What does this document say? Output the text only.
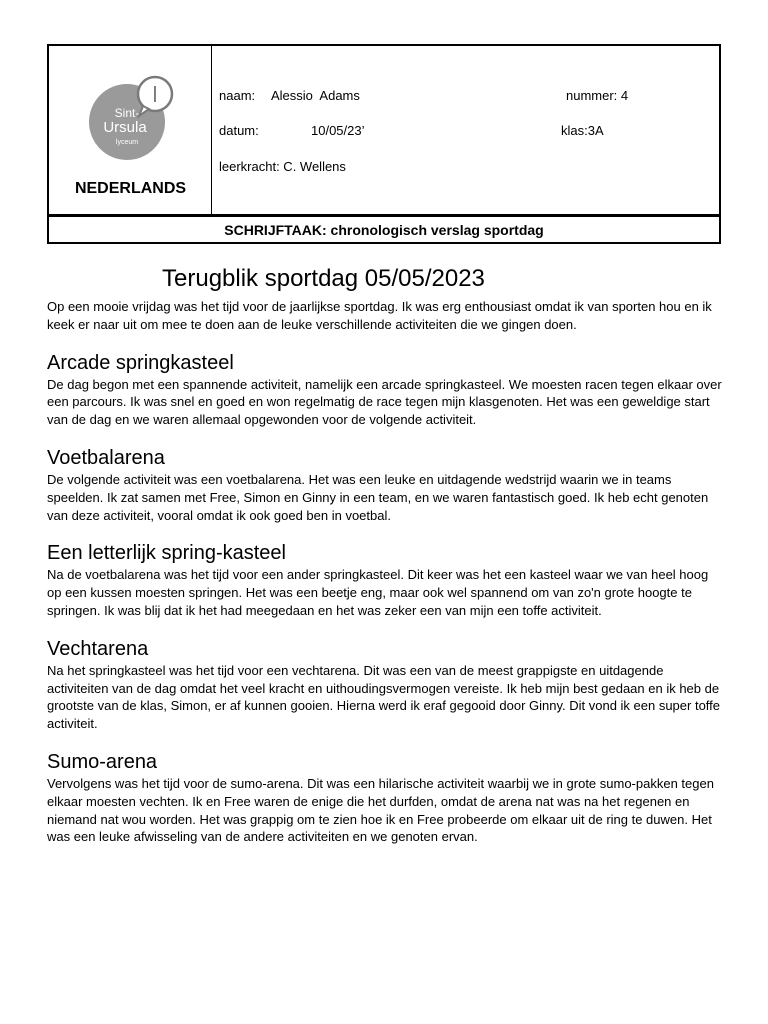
Sint-
Ursula
lyceum
l
NEDERLANDS
naam: Alessio  Adams	nummer: 4
datum:	10/05/23’	klas:3A
leerkracht: C. Wellens
SCHRIJFTAAK: chronologisch verslag sportdag
Terugblik sportdag 05/05/2023

Op een mooie vrijdag was het tijd voor de jaarlijkse sportdag. Ik was erg enthousiast omdat ik van sporten hou en ik keek er naar uit om mee te doen aan de leuke verschillende activiteiten die we gingen doen.

Arcade springkasteel

De dag begon met een spannende activiteit, namelijk een arcade springkasteel. We moesten racen tegen elkaar over een parcours. Ik was snel en goed en won regelmatig de race tegen mijn klasgenoten. Het was een geweldige start van de dag en we waren allemaal opgewonden voor de volgende activiteit.

Voetbalarena

De volgende activiteit was een voetbalarena. Het was een leuke en uitdagende wedstrijd waarin we in teams speelden. Ik zat samen met Free, Simon en Ginny in een team, en we waren fantastisch goed. Ik heb echt genoten van deze activiteit, vooral omdat ik ook goed ben in voetbal.

Een letterlijk spring-kasteel

Na de voetbalarena was het tijd voor een ander springkasteel. Dit keer was het een kasteel waar we van heel hoog op een kussen moesten springen. Het was een beetje eng, maar ook wel spannend om van zo'n grote hoogte te springen. Ik was blij dat ik het had meegedaan en het was zeker een van mijn een toffe activiteit.

Vechtarena

Na het springkasteel was het tijd voor een vechtarena. Dit was een van de meest grappigste en uitdagende activiteiten van de dag omdat het veel kracht en uithoudingsvermogen vereiste. Ik heb mijn best gedaan en ik heb de grootste van de klas, Simon, er af kunnen gooien. Hierna werd ik eraf gegooid door Ginny. Dit vond ik een super toffe activiteit.

Sumo-arena

Vervolgens was het tijd voor de sumo-arena. Dit was een hilarische activiteit waarbij we in grote sumo-pakken tegen elkaar moesten vechten. Ik en Free waren de enige die het durfden, omdat de arena nat was na het regenen en niemand nat wou worden. Het was grappig om te zien hoe ik en Free probeerde om elkaar uit de ring te duwen. Het was een leuke afwisseling van de andere activiteiten en we genoten ervan.
